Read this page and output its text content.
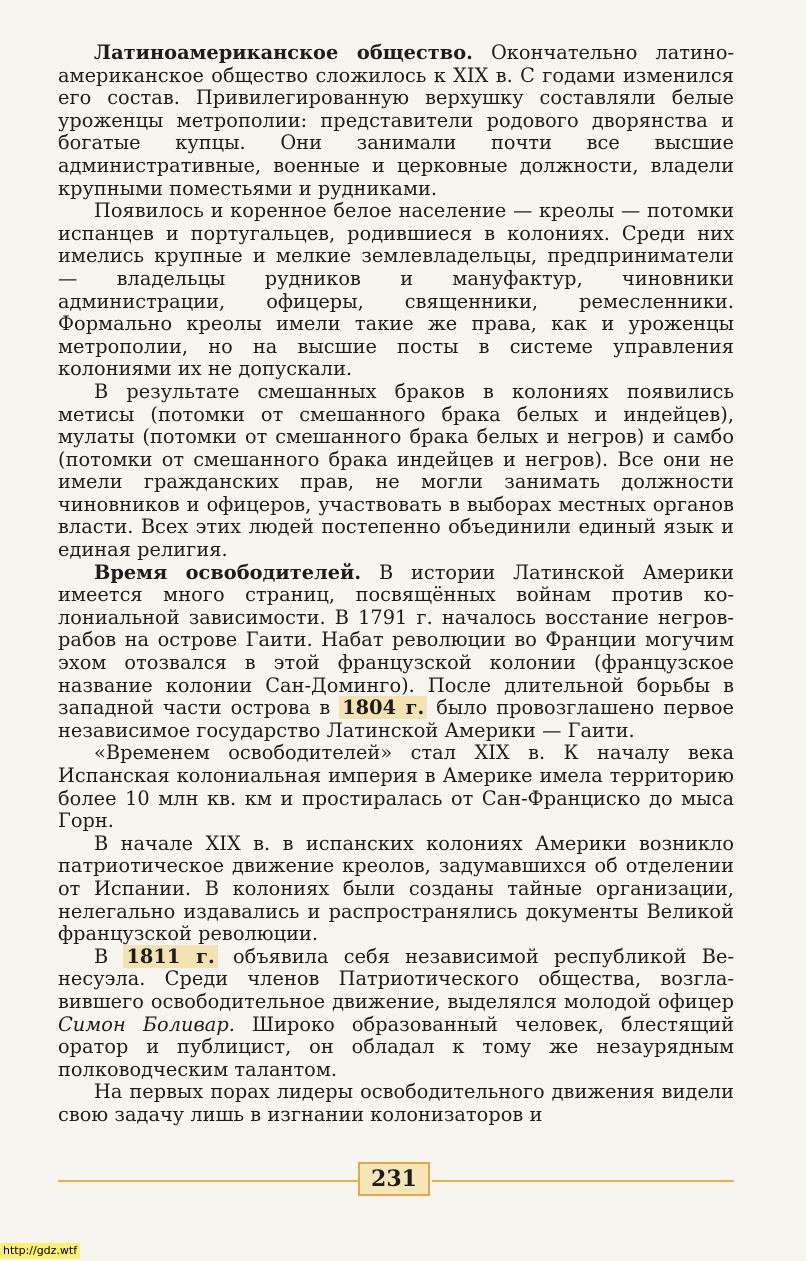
Латиноамериканское общество. Окончательно латиноамериканское общество сложилось к XIX в. С годами изменился его состав. Привилегированную верхушку составляли белые уроженцы метрополии: представители родового дворянства и богатые купцы. Они занимали почти все высшие административные, военные и церковные должности, владели крупными поместьями и рудниками.

Появилось и коренное белое население — креолы — потомки испанцев и португальцев, родившиеся в колониях. Среди них имелись крупные и мелкие землевладельцы, предприниматели — владельцы рудников и мануфактур, чиновники администрации, офицеры, священники, ремесленники. Формально креолы имели такие же права, как и уроженцы метрополии, но на высшие посты в системе управления колониями их не допускали.

В результате смешанных браков в колониях появились метисы (потомки от смешанного брака белых и индейцев), мулаты (потомки от смешанного брака белых и негров) и самбо (потомки от смешанного брака индейцев и негров). Все они не имели гражданских прав, не могли занимать должности чиновников и офицеров, участвовать в выборах местных органов власти. Всех этих людей постепенно объединили единый язык и единая религия.

Время освободителей. В истории Латинской Америки имеется много страниц, посвящённых войнам против колониальной зависимости. В 1791 г. началось восстание негров-рабов на острове Гаити. Набат революции во Франции могучим эхом отозвался в этой французской колонии (французское название колонии Сан-Доминго). После длительной борьбы в западной части острова в 1804 г. было провозглашено первое независимое государство Латинской Америки — Гаити.

«Временем освободителей» стал XIX в. К началу века Испанская колониальная империя в Америке имела территорию более 10 млн кв. км и простиралась от Сан-Франциско до мыса Горн.

В начале XIX в. в испанских колониях Америки возникло патриотическое движение креолов, задумавшихся об отделении от Испании. В колониях были созданы тайные организации, нелегально издавались и распространялись документы Великой французской революции.

В 1811 г. объявила себя независимой республикой Венесуэла. Среди членов Патриотического общества, возглавившего освободительное движение, выделялся молодой офицер Симон Боливар. Широко образованный человек, блестящий оратор и публицист, он обладал к тому же незаурядным полководческим талантом.

На первых порах лидеры освободительного движения видели свою задачу лишь в изгнании колонизаторов и

231
http://gdz.wtf
